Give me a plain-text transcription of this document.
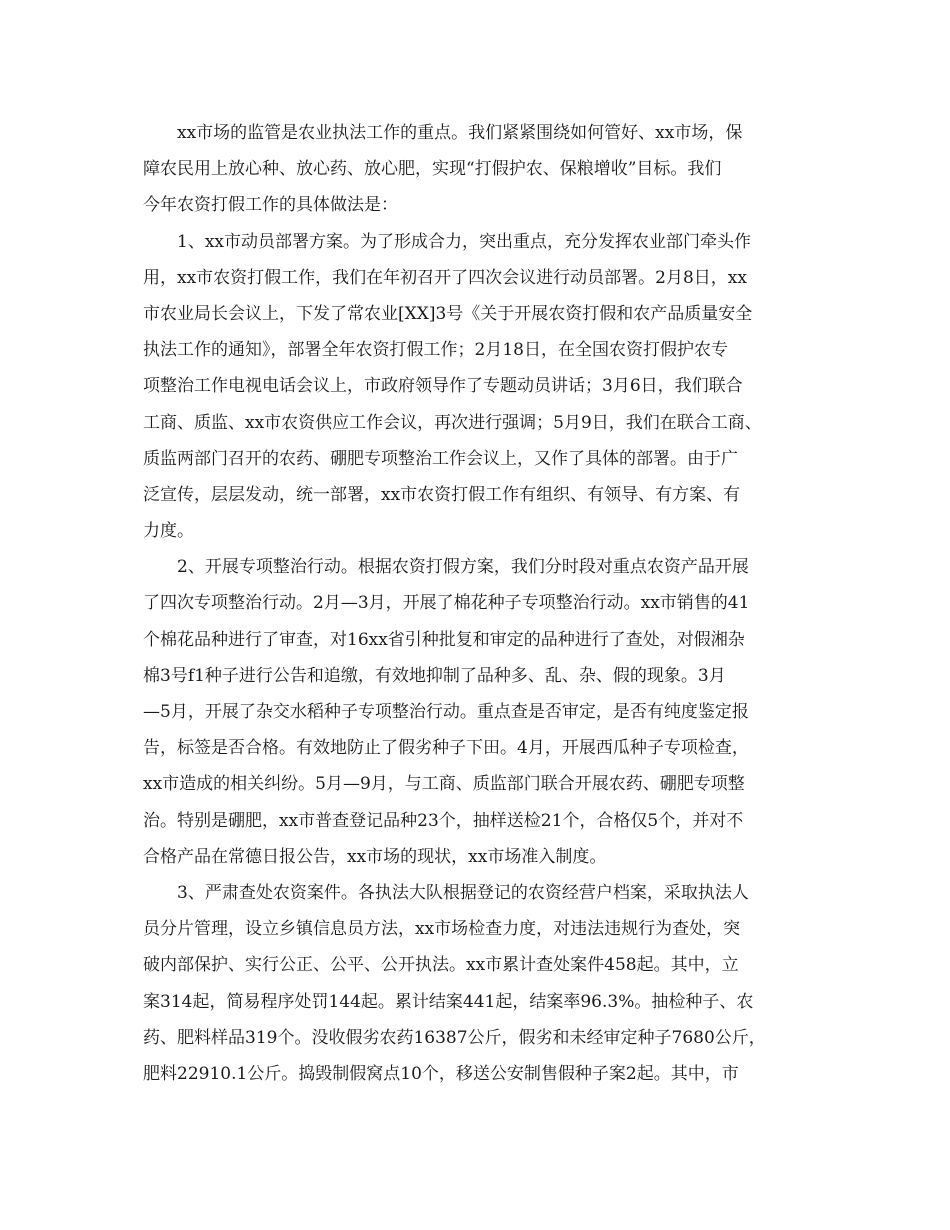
xx市场的监管是农业执法工作的重点。我们紧紧围绕如何管好、xx市场，保
障农民用上放心种、放心药、放心肥，实现“打假护农、保粮增收”目标。我们
今年农资打假工作的具体做法是：
1、xx市动员部署方案。为了形成合力，突出重点，充分发挥农业部门牵头作
用，xx市农资打假工作，我们在年初召开了四次会议进行动员部署。2月8日，xx
市农业局长会议上，下发了常农业[XX]3号《关于开展农资打假和农产品质量安全
执法工作的通知》，部署全年农资打假工作；2月18日，在全国农资打假护农专
项整治工作电视电话会议上，市政府领导作了专题动员讲话；3月6日，我们联合
工商、质监、xx市农资供应工作会议，再次进行强调；5月9日，我们在联合工商、
质监两部门召开的农药、硼肥专项整治工作会议上，又作了具体的部署。由于广
泛宣传，层层发动，统一部署，xx市农资打假工作有组织、有领导、有方案、有
力度。
2、开展专项整治行动。根据农资打假方案，我们分时段对重点农资产品开展
了四次专项整治行动。2月—3月，开展了棉花种子专项整治行动。xx市销售的41
个棉花品种进行了审查，对16xx省引种批复和审定的品种进行了查处，对假湘杂
棉3号f1种子进行公告和追缴，有效地抑制了品种多、乱、杂、假的现象。3月
—5月，开展了杂交水稻种子专项整治行动。重点查是否审定，是否有纯度鉴定报
告，标签是否合格。有效地防止了假劣种子下田。4月，开展西瓜种子专项检查，
xx市造成的相关纠纷。5月—9月，与工商、质监部门联合开展农药、硼肥专项整
治。特别是硼肥，xx市普查登记品种23个，抽样送检21个，合格仅5个，并对不
合格产品在常德日报公告，xx市场的现状，xx市场准入制度。
3、严肃查处农资案件。各执法大队根据登记的农资经营户档案，采取执法人
员分片管理，设立乡镇信息员方法，xx市场检查力度，对违法违规行为查处，突
破内部保护、实行公正、公平、公开执法。xx市累计查处案件458起。其中，立
案314起，简易程序处罚144起。累计结案441起，结案率96.3%。抽检种子、农
药、肥料样品319个。没收假劣农药16387公斤，假劣和未经审定种子7680公斤，
肥料22910.1公斤。捣毁制假窝点10个，移送公安制售假种子案2起。其中，市
